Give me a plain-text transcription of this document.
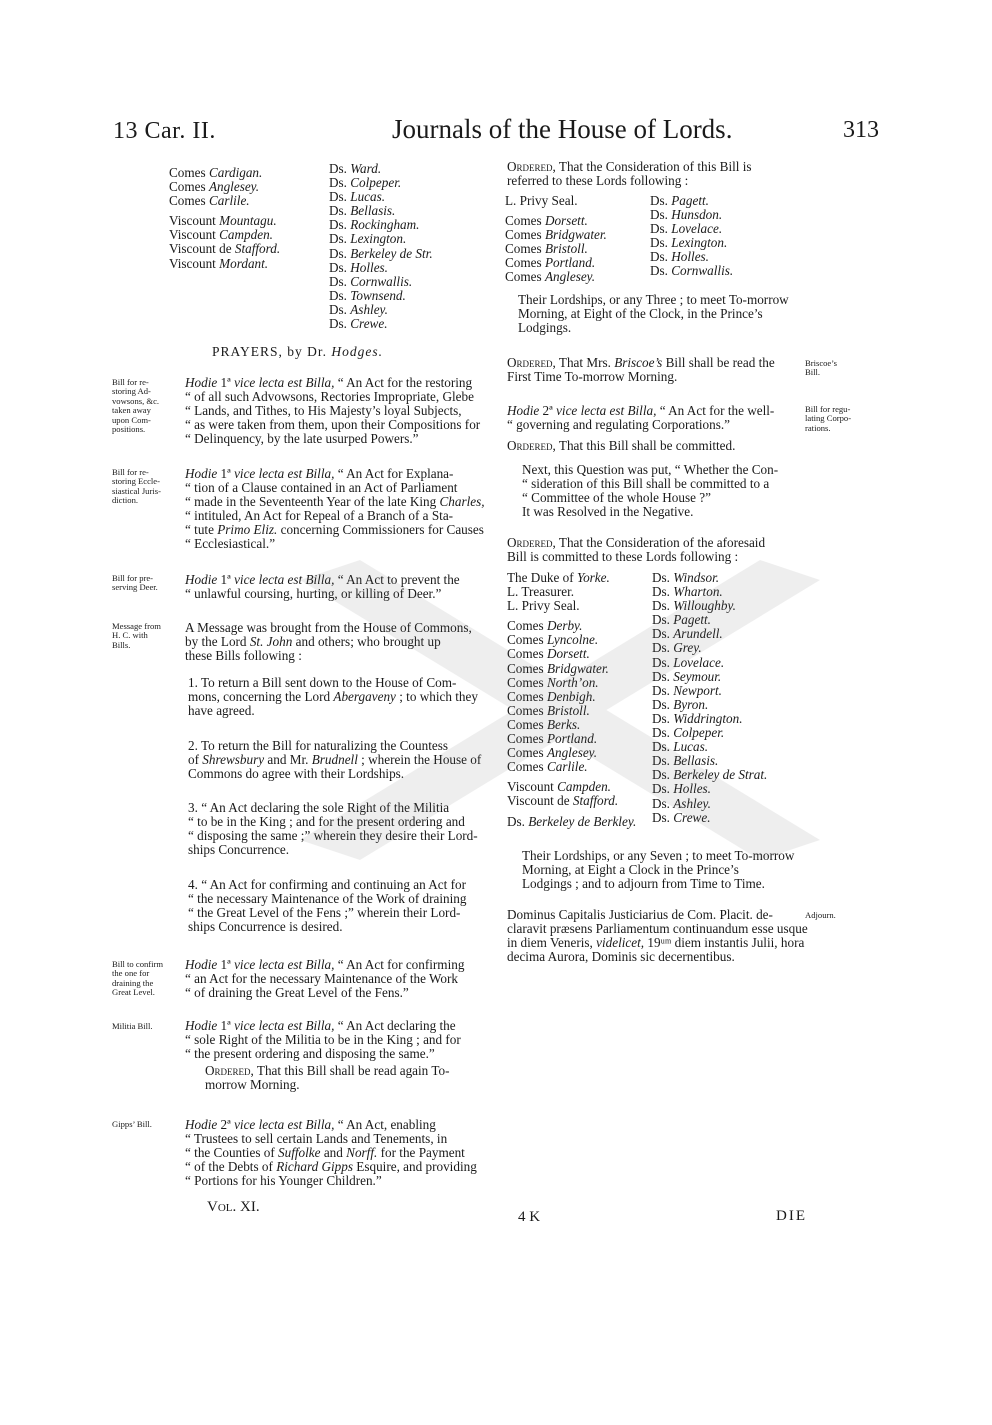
13 Car. II.	Journals of the House of Lords.	313
Comes Cardigan.
Comes Anglesey.
Comes Carlile.
Viscount Mountagu.
Viscount Campden.
Viscount de Stafford.
Viscount Mordant.
Ds. Ward.
Ds. Colpeper.
Ds. Lucas.
Ds. Bellasis.
Ds. Rockingham.
Ds. Lexington.
Ds. Berkeley de Str.
Ds. Holles.
Ds. Cornwallis.
Ds. Townsend.
Ds. Ashley.
Ds. Crewe.
PRAYERS, by Dr. Hodges.
Hodie 1ª vice lecta est Billa, “ An Act for the restoring
“ of all such Advowsons, Rectories Impropriate, Glebe
“ Lands, and Tithes, to His Majesty’s loyal Subjects,
“ as were taken from them, upon their Compositions for
“ Delinquency, by the late usurped Powers.”
Hodie 1ª vice lecta est Billa, “ An Act for Explana-
“ tion of a Clause contained in an Act of Parliament
“ made in the Seventeenth Year of the late King Charles,
“ intituled, An Act for Repeal of a Branch of a Sta-
“ tute Primo Eliz. concerning Commissioners for Causes
“ Ecclesiastical.”
Hodie 1ª vice lecta est Billa, “ An Act to prevent the
“ unlawful coursing, hurting, or killing of Deer.”
A Message was brought from the House of Commons,
by the Lord St. John and others; who brought up
these Bills following :
1. To return a Bill sent down to the House of Com-
mons, concerning the Lord Abergaveny ; to which they
have agreed.
2. To return the Bill for naturalizing the Countess
of Shrewsbury and Mr. Brudnell ; wherein the House of
Commons do agree with their Lordships.
3. “ An Act declaring the sole Right of the Militia
“ to be in the King ; and for the present ordering and
“ disposing the same ;” wherein they desire their Lord-
ships Concurrence.
4. “ An Act for confirming and continuing an Act for
“ the necessary Maintenance of the Work of draining
“ the Great Level of the Fens ;” wherein their Lord-
ships Concurrence is desired.
Hodie 1ª vice lecta est Billa, “ An Act for confirming
“ an Act for the necessary Maintenance of the Work
“ of draining the Great Level of the Fens.”
Hodie 1ª vice lecta est Billa, “ An Act declaring the
“ sole Right of the Militia to be in the King ; and for
“ the present ordering and disposing the same.”
Ordered, That this Bill shall be read again To-
morrow Morning.
Hodie 2ª vice lecta est Billa, “ An Act, enabling
“ Trustees to sell certain Lands and Tenements, in
“ the Counties of Suffolke and Norff. for the Payment
“ of the Debts of Richard Gipps Esquire, and providing
“ Portions for his Younger Children.”
Bill for re-
storing Ad-
vowsons, &c.
taken away
upon Com-
positions.
Bill for re-
storing Eccle-
siastical Juris-
diction.
Bill for pre-
serving Deer.
Message from
H. C. with
Bills.
Bill to confirm
the one for
draining the
Great Level.
Militia Bill.
Gipps’ Bill.
Ordered, That the Consideration of this Bill is
referred to these Lords following :
L. Privy Seal.
Comes Dorsett.
Comes Bridgwater.
Comes Bristoll.
Comes Portland.
Comes Anglesey.
Ds. Pagett.
Ds. Hunsdon.
Ds. Lovelace.
Ds. Lexington.
Ds. Holles.
Ds. Cornwallis.
Their Lordships, or any Three ; to meet To-morrow
Morning, at Eight of the Clock, in the Prince’s
Lodgings.
Ordered, That Mrs. Briscoe’s Bill shall be read the
First Time To-morrow Morning.
Hodie 2ª vice lecta est Billa, “ An Act for the well-
“ governing and regulating Corporations.”
Ordered, That this Bill shall be committed.
Next, this Question was put, “ Whether the Con-
“ sideration of this Bill shall be committed to a
“ Committee of the whole House ?”
It was Resolved in the Negative.
Ordered, That the Consideration of the aforesaid
Bill is committed to these Lords following :
The Duke of Yorke.
L. Treasurer.
L. Privy Seal.
Comes Derby.
Comes Lyncolne.
Comes Dorsett.
Comes Bridgwater.
Comes North’on.
Comes Denbigh.
Comes Bristoll.
Comes Berks.
Comes Portland.
Comes Anglesey.
Comes Carlile.
Viscount Campden.
Viscount de Stafford.
Ds. Berkeley de Berkley.
Ds. Windsor.
Ds. Wharton.
Ds. Willoughby.
Ds. Pagett.
Ds. Arundell.
Ds. Grey.
Ds. Lovelace.
Ds. Seymour.
Ds. Newport.
Ds. Byron.
Ds. Widdrington.
Ds. Colpeper.
Ds. Lucas.
Ds. Bellasis.
Ds. Berkeley de Strat.
Ds. Holles.
Ds. Ashley.
Ds. Crewe.
Their Lordships, or any Seven ; to meet To-morrow
Morning, at Eight a Clock in the Prince’s
Lodgings ; and to adjourn from Time to Time.
Dominus Capitalis Justiciarius de Com. Placit. de-
claravit præsens Parliamentum continuandum esse usque
in diem Veneris, videlicet, 19ᵘᵐ diem instantis Julii, hora
decima Aurora, Dominis sic decernentibus.
Briscoe’s
Bill.
Bill for regu-
lating Corpo-
rations.
Adjourn.
Vol. XI.
4 K	DIE
